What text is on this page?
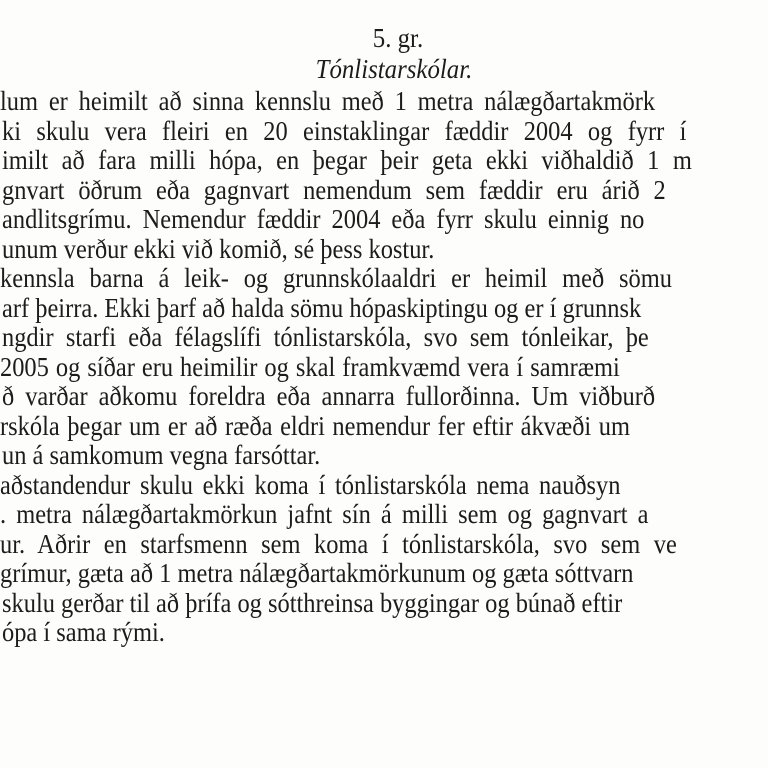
5. gr.
Tónlistarskólar.
lum er heimilt að sinna kennslu með 1 metra nálægðartakmörk
ki skulu vera fleiri en 20 einstaklingar fæddir 2004 og fyrr í
imilt að fara milli hópa, en þegar þeir geta ekki viðhaldið 1 m
gnvart öðrum eða gagnvart nemendum sem fæddir eru árið 2
andlitsgrímu. Nemendur fæddir 2004 eða fyrr skulu einnig no
unum verður ekki við komið, sé þess kostur.
kennsla barna á leik- og grunnskólaaldri er heimil með sömu
arf þeirra. Ekki þarf að halda sömu hópaskiptingu og er í grunnsk
ngdir starfi eða félagslífi tónlistarskóla, svo sem tónleikar, þe
2005 og síðar eru heimilir og skal framkvæmd vera í samræmi
ð varðar aðkomu foreldra eða annarra fullorðinna. Um viðburð
rskóla þegar um er að ræða eldri nemendur fer eftir ákvæði um
un á samkomum vegna farsóttar.
aðstandendur skulu ekki koma í tónlistarskóla nema nauðsyn
. metra nálægðartakmörkun jafnt sín á milli sem og gagnvart a
ur. Aðrir en starfsmenn sem koma í tónlistarskóla, svo sem ve
grímur, gæta að 1 metra nálægðartakmörkunum og gæta sóttvarn
skulu gerðar til að þrífa og sótthreinsa byggingar og búnað eftir
ópa í sama rými.
